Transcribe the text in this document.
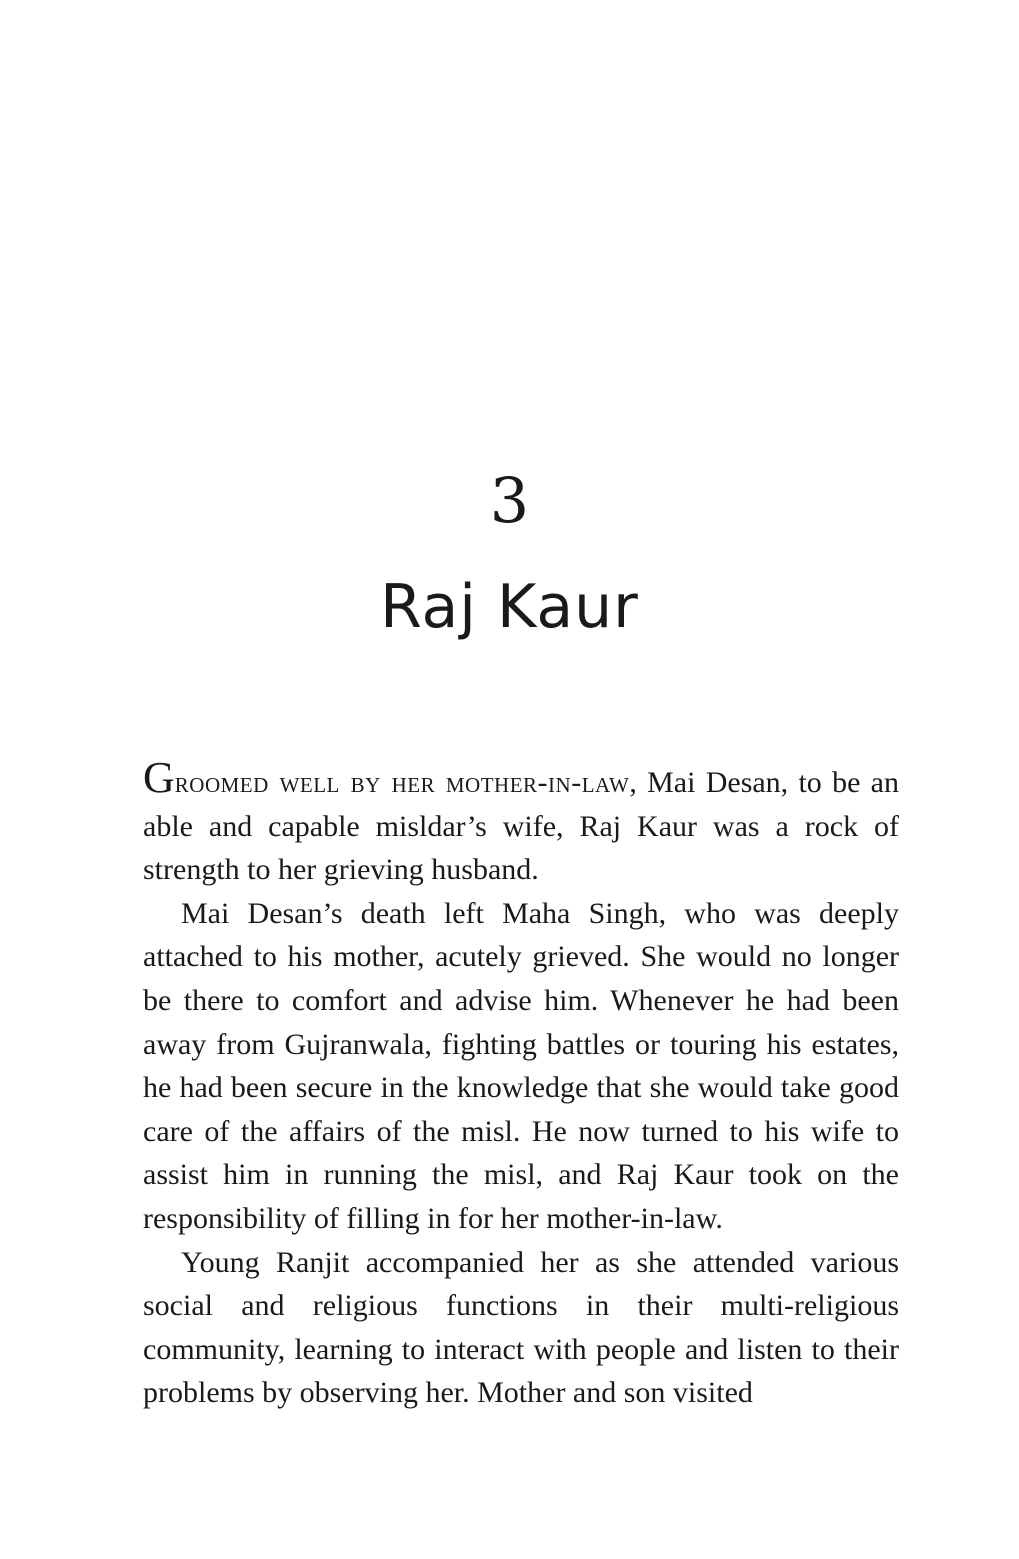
3
Raj Kaur

Groomed well by her mother-in-law, Mai Desan, to be an able and capable misldar’s wife, Raj Kaur was a rock of strength to her grieving husband.

Mai Desan’s death left Maha Singh, who was deeply attached to his mother, acutely grieved. She would no longer be there to comfort and advise him. Whenever he had been away from Gujranwala, fighting battles or touring his estates, he had been secure in the knowledge that she would take good care of the affairs of the misl. He now turned to his wife to assist him in running the misl, and Raj Kaur took on the responsibility of filling in for her mother-in-law.

Young Ranjit accompanied her as she attended various social and religious functions in their multi-religious community, learning to interact with people and listen to their problems by observing her. Mother and son visited
